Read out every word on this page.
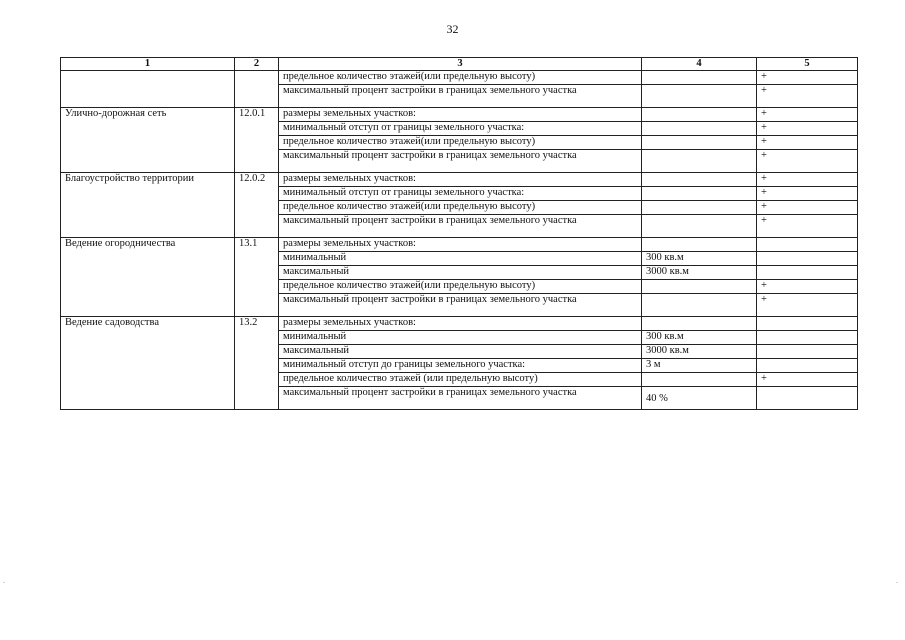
32
1	2	3	4	5
		предельное количество этажей(или предельную высоту)		+
		максимальный процент застройки в границах земельного участка		+
Улично-дорожная сеть	12.0.1	размеры земельных участков:		+
		минимальный отступ от границы земельного участка:		+
		предельное количество этажей(или предельную высоту)		+
		максимальный процент застройки в границах земельного участка		+
Благоустройство территории	12.0.2	размеры земельных участков:		+
		минимальный отступ от границы земельного участка:		+
		предельное количество этажей(или предельную высоту)		+
		максимальный процент застройки в границах земельного участка		+
Ведение огородничества	13.1	размеры земельных участков:		
		минимальный	300 кв.м	
		максимальный	3000 кв.м	
		предельное количество этажей(или предельную высоту)		+
		максимальный процент застройки в границах земельного участка		+
Ведение садоводства	13.2	размеры земельных участков:		
		минимальный	300 кв.м	
		максимальный	3000 кв.м	
		минимальный отступ до границы земельного участка:	3 м	
		предельное количество этажей (или предельную высоту)		+
		максимальный процент застройки в границах земельного участка	40 %	
-	-
